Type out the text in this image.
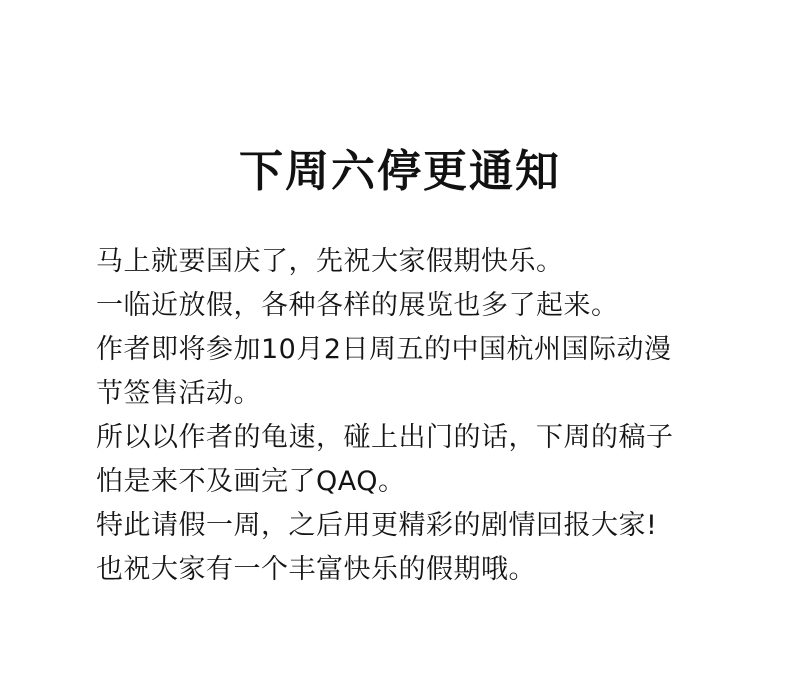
下周六停更通知
马上就要国庆了，先祝大家假期快乐。
一临近放假，各种各样的展览也多了起来。
作者即将参加10月2日周五的中国杭州国际动漫
节签售活动。
所以以作者的龟速，碰上出门的话，下周的稿子
怕是来不及画完了QAQ。
特此请假一周，之后用更精彩的剧情回报大家!
也祝大家有一个丰富快乐的假期哦。
